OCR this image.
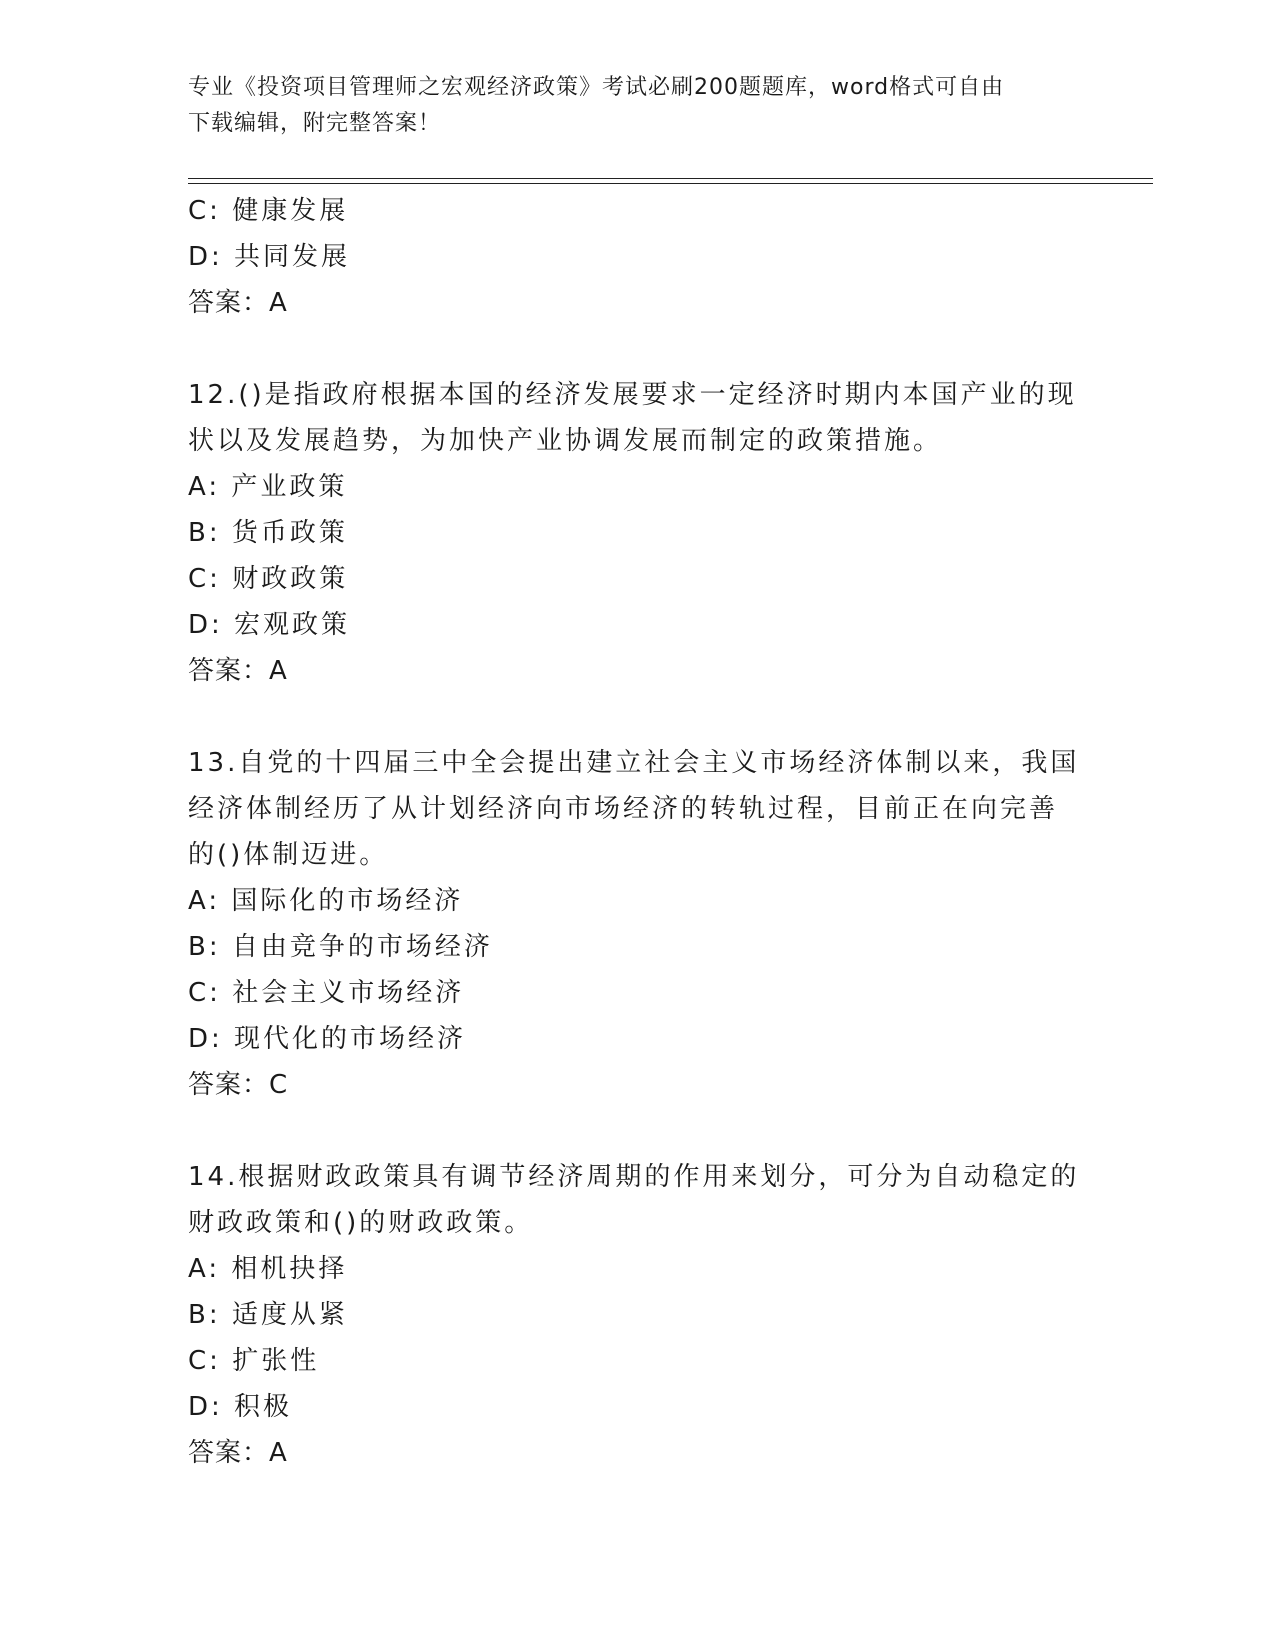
专业《投资项目管理师之宏观经济政策》考试必刷200题题库，word格式可自由
下载编辑，附完整答案！
C: 健康发展
D: 共同发展
答案：A
12.()是指政府根据本国的经济发展要求一定经济时期内本国产业的现
状以及发展趋势，为加快产业协调发展而制定的政策措施。
A: 产业政策
B: 货币政策
C: 财政政策
D: 宏观政策
答案：A
13.自党的十四届三中全会提出建立社会主义市场经济体制以来，我国
经济体制经历了从计划经济向市场经济的转轨过程，目前正在向完善
的()体制迈进。
A: 国际化的市场经济
B: 自由竞争的市场经济
C: 社会主义市场经济
D: 现代化的市场经济
答案：C
14.根据财政政策具有调节经济周期的作用来划分，可分为自动稳定的
财政政策和()的财政政策。
A: 相机抉择
B: 适度从紧
C: 扩张性
D: 积极
答案：A
